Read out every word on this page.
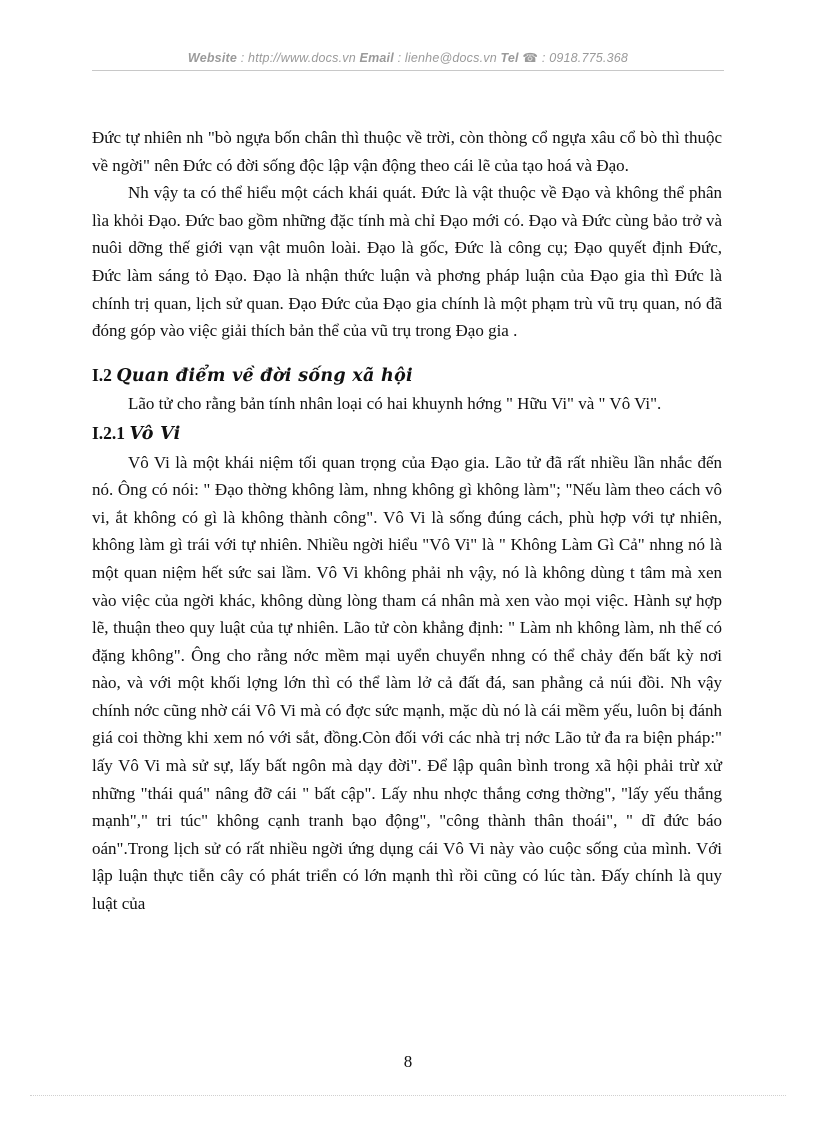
Website : http://www.docs.vn Email : lienhe@docs.vn Tel ☎ : 0918.775.368

Đức tự nhiên nh "bò ngựa bốn chân thì thuộc về trời, còn thòng cổ ngựa xâu cổ bò thì thuộc về ngời" nên Đức có đời sống độc lập vận động theo cái lẽ của tạo hoá và Đạo.

Nh vậy ta có thể hiểu một cách khái quát. Đức là vật thuộc về Đạo và không thể phân lìa khỏi Đạo. Đức bao gồm những đặc tính mà chỉ Đạo mới có. Đạo và Đức cùng bảo trở và nuôi dỡng thế giới vạn vật muôn loài. Đạo là gốc, Đức là công cụ; Đạo quyết định Đức, Đức làm sáng tỏ Đạo. Đạo là nhận thức luận và phơng pháp luận của Đạo gia thì Đức là chính trị quan, lịch sử quan. Đạo Đức của Đạo gia chính là một phạm trù vũ trụ quan, nó đã đóng góp vào việc giải thích bản thể của vũ trụ trong Đạo gia .

I.2 Quan điểm về đời sống xã hội

Lão tử cho rằng bản tính nhân loại có hai khuynh hớng " Hữu Vi" và " Vô Vi".

I.2.1 Vô Vi

Vô Vi là một khái niệm tối quan trọng của Đạo gia. Lão tử đã rất nhiều lần nhắc đến nó. Ông có nói: " Đạo thờng không làm, nhng không gì không làm"; "Nếu làm theo cách vô vi, ắt không có gì là không thành công". Vô Vi là sống đúng cách, phù hợp với tự nhiên, không làm gì trái với tự nhiên. Nhiều ngời hiểu "Vô Vi" là " Không Làm Gì Cả" nhng nó là một quan niệm hết sức sai lầm. Vô Vi không phải nh vậy, nó là không dùng t tâm mà xen vào việc của ngời khác, không dùng lòng tham cá nhân mà xen vào mọi việc. Hành sự hợp lẽ, thuận theo quy luật của tự nhiên. Lão tử còn khẳng định: " Làm nh không làm, nh thế có đặng không". Ông cho rằng nớc mềm mại uyển chuyển nhng có thể chảy đến bất kỳ nơi nào, và với một khối lợng lớn thì có thể làm lở cả đất đá, san phẳng cả núi đồi. Nh vậy chính nớc cũng nhờ cái Vô Vi mà có đợc sức mạnh, mặc dù nó là cái mềm yếu, luôn bị đánh giá coi thờng khi xem nó với sắt, đồng.Còn đối với các nhà trị nớc Lão tử đa ra biện pháp:" lấy Vô Vi mà sử sự, lấy bất ngôn mà dạy đời". Để lập quân bình trong xã hội phải trừ xử những "thái quá" nâng đỡ cái " bất cập". Lấy nhu nhợc thắng cơng thờng", "lấy yếu thắng mạnh"," tri túc" không cạnh tranh bạo động", "công thành thân thoái", " dĩ đức báo oán".Trong lịch sử có rất nhiều ngời ứng dụng cái Vô Vi này vào cuộc sống của mình. Với lập luận thực tiễn cây có phát triển có lớn mạnh thì rồi cũng có lúc tàn. Đấy chính là quy luật của

8
